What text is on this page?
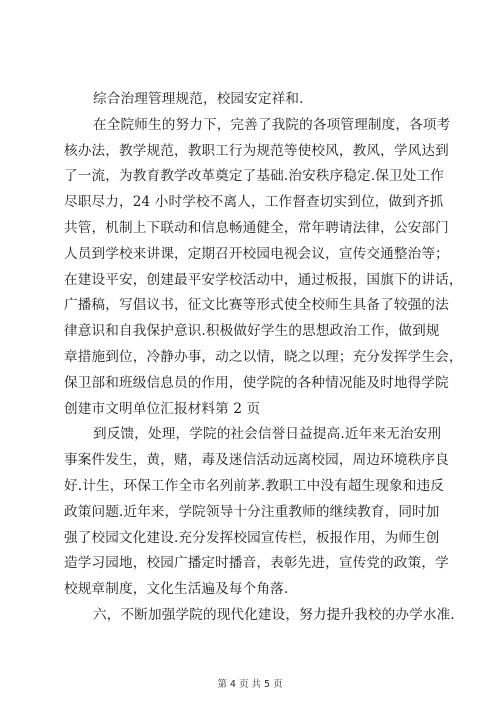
综合治理管理规范，校园安定祥和.
在全院师生的努力下，完善了我院的各项管理制度，各项考
核办法，教学规范，教职工行为规范等使校风，教风，学风达到
了一流，为教育教学改革奠定了基础.治安秩序稳定.保卫处工作
尽职尽力，24 小时学校不离人，工作督查切实到位，做到齐抓
共管，机制上下联动和信息畅通健全，常年聘请法律，公安部门
人员到学校来讲课，定期召开校园电视会议，宣传交通整治等；
在建设平安，创建最平安学校活动中，通过板报，国旗下的讲话，
广播稿，写倡议书，征文比赛等形式使全校师生具备了较强的法
律意识和自我保护意识.积极做好学生的思想政治工作，做到规
章措施到位，冷静办事，动之以情，晓之以理；充分发挥学生会，
保卫部和班级信息员的作用，使学院的各种情况能及时地得学院
创建市文明单位汇报材料第 2 页
到反馈，处理，学院的社会信誉日益提高.近年来无治安刑
事案件发生，黄，赌，毒及迷信活动远离校园，周边环境秩序良
好.计生，环保工作全市名列前茅.教职工中没有超生现象和违反
政策问题.近年来，学院领导十分注重教师的继续教育，同时加
强了校园文化建设.充分发挥校园宣传栏，板报作用，为师生创
造学习园地，校园广播定时播音，表彰先进，宣传党的政策，学
校规章制度，文化生活遍及每个角落.
六，不断加强学院的现代化建设，努力提升我校的办学水准.
第 4 页 共 5 页
